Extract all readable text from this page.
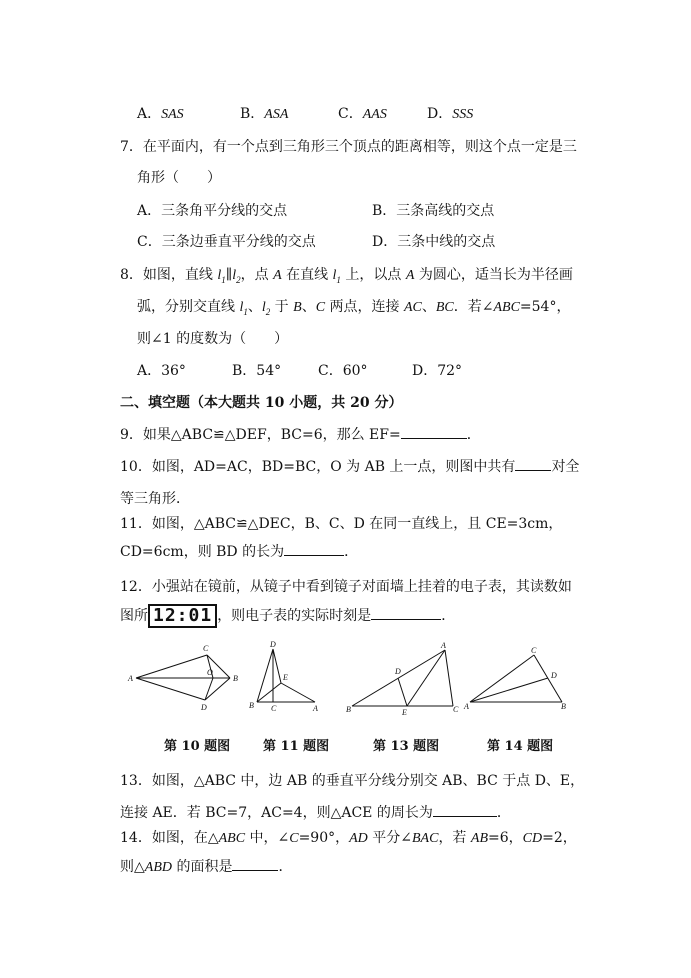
A．SAS	B．ASA	C．AAS	D．SSS
7．在平面内，有一个点到三角形三个顶点的距离相等，则这个点一定是三
角形（　　）
A．三条角平分线的交点	B．三条高线的交点
C．三条边垂直平分线的交点	D．三条中线的交点
8．如图，直线 $l_1\parallel l_2$，点 A 在直线 $l_1$ 上，以点 A 为圆心，适当长为半径画
弧，分别交直线 $l_1$、$l_2$ 于 B、C 两点，连接 AC、BC．若∠ABC=54°，
则∠1 的度数为（　　）
A．36°	B．54°	C．60°	D．72°
二、填空题（本大题共 10 小题，共 20 分）
9．如果△ABC≌△DEF，BC=6，那么 EF=	．
10．如图，AD=AC，BD=BC，O 为 AB 上一点，则图中共有	对全
等三角形．
11．如图，△ABC≌△DEC，B、C、D 在同一直线上，且 CE=3cm，
CD=6cm，则 BD 的长为	．
12．小强站在镜前，从镜子中看到镜子对面墙上挂着的电子表，其读数如
图所 12:01 ，则电子表的实际时刻是	．
C
A
O
B
D
D
E
B C	A
A
D
B	E	C
C
D
A	B
第 10 题图	第 11 题图	第 13 题图	第 14 题图
13．如图，△ABC 中，边 AB 的垂直平分线分别交 AB、BC 于点 D、E，
连接 AE．若 BC=7，AC=4，则△ACE 的周长为	．
14．如图，在△ABC 中，∠C=90°，AD 平分∠BAC，若 AB=6，CD=2，
则△ABD 的面积是	．
